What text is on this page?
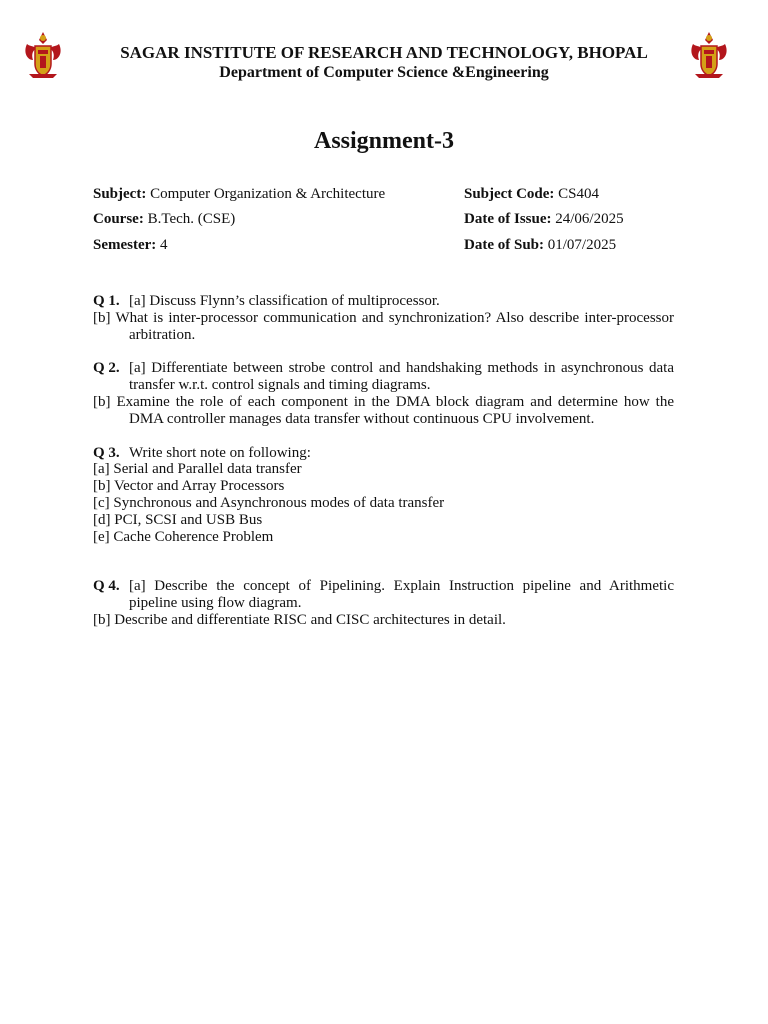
SAGAR INSTITUTE OF RESEARCH AND TECHNOLOGY, BHOPAL
Department of Computer Science &Engineering
Assignment-3
Subject: Computer Organization & Architecture
Course: B.Tech. (CSE)
Semester: 4
Subject Code: CS404
Date of Issue: 24/06/2025
Date of Sub: 01/07/2025
Q 1. [a] Discuss Flynn’s classification of multiprocessor.
[b] What is inter-processor communication and synchronization? Also describe inter-processor arbitration.
Q 2. [a] Differentiate between strobe control and handshaking methods in asynchronous data transfer w.r.t. control signals and timing diagrams.
[b] Examine the role of each component in the DMA block diagram and determine how the DMA controller manages data transfer without continuous CPU involvement.
Q 3. Write short note on following:
[a] Serial and Parallel data transfer
[b] Vector and Array Processors
[c] Synchronous and Asynchronous modes of data transfer
[d] PCI, SCSI and USB Bus
[e] Cache Coherence Problem
Q 4. [a] Describe the concept of Pipelining. Explain Instruction pipeline and Arithmetic pipeline using flow diagram.
[b] Describe and differentiate RISC and CISC architectures in detail.
